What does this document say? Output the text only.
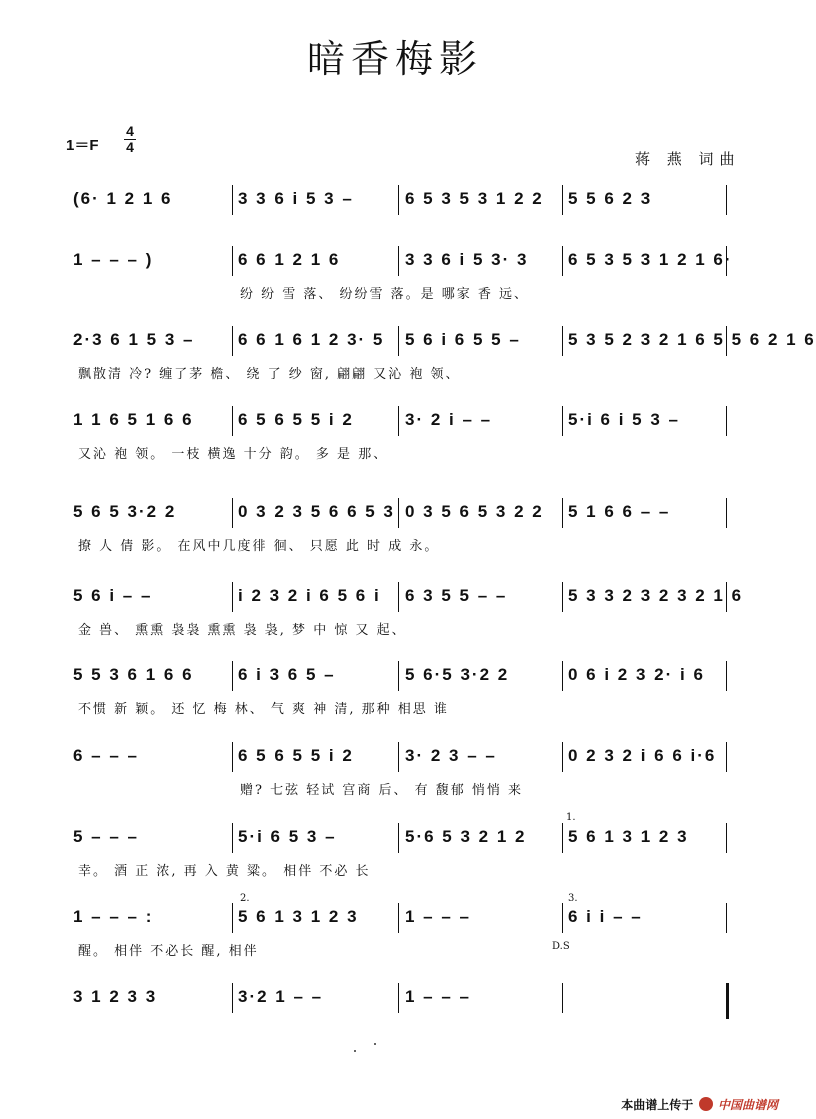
暗香梅影
1＝F
4
4
蒋 燕 词曲
(6· 1 2 1 6	3 3 6 i 5 3 –	6 5 3 5 3 1 2 2 5 5 6 2 3
1 – – – )	6 6 1 2 1 6	3 3 6 i 5 3· 3 6 5 3 5 3 1 2 1 6·
纷 纷 雪 落、 纷纷雪 落。是 哪家 香 远、
2·3 6 1 5 3 –	6 6 1 6 1 2 3· 5 5 6 i 6 5 5 –	5 3 5 2 3 2 1 6 5 5 6 2 1 6
飘散清 冷? 缠了茅 檐、 绕 了 纱 窗, 翩翩 又沁 袍 领、
1 1 6 5 1 6 6	6 5 6 5 5 i 2	3· 2 i – –	5·i 6 i 5 3 –
又沁 袍 领。 一枝 横逸 十分 韵。 多 是 那、
5 6 5 3·2 2	0 3 2 3 5 6 6 5 3 0 3 5 6 5 3 2 2 5 1 6 6 – –
撩 人 倩 影。 在风中几度徘 徊、 只愿 此 时 成 永。
5 6 i – –	i 2 3 2 i 6 5 6 i 6 3 5 5 – –	5 3 3 2 3 2 3 2 1 6
金 兽、 熏熏 袅袅 熏熏 袅 袅, 梦 中 惊 又 起、
5 5 3 6 1 6 6	6 i 3 6 5 –	5 6·5 3·2 2	0 6 i 2 3 2· i 6
不惯 新 颖。 还 忆 梅 林、 气 爽 神 清, 那种 相思 谁
6 – – –	6 5 6 5 5 i 2	3· 2 3 – –	0 2 3 2 i 6 6 i·6
赠? 七弦 轻试 宫商 后、 有 馥郁 悄悄 来
5 – – –	5·i 6 5 3 –	5·6 5 3 2 1 2 5 6 1 3 1 2 3
幸。 酒 正 浓, 再 入 黄 粱。 相伴 不必 长
1 – – – :	5 6 1 3 1 2 3	1 – – –	6 i i – –
醒。 相伴 不必长 醒, 相伴
3 1 2 3 3	3·2 1 – –	1 – – –
1.
2.	3.
D.S
本曲谱上传于 中国曲谱网
